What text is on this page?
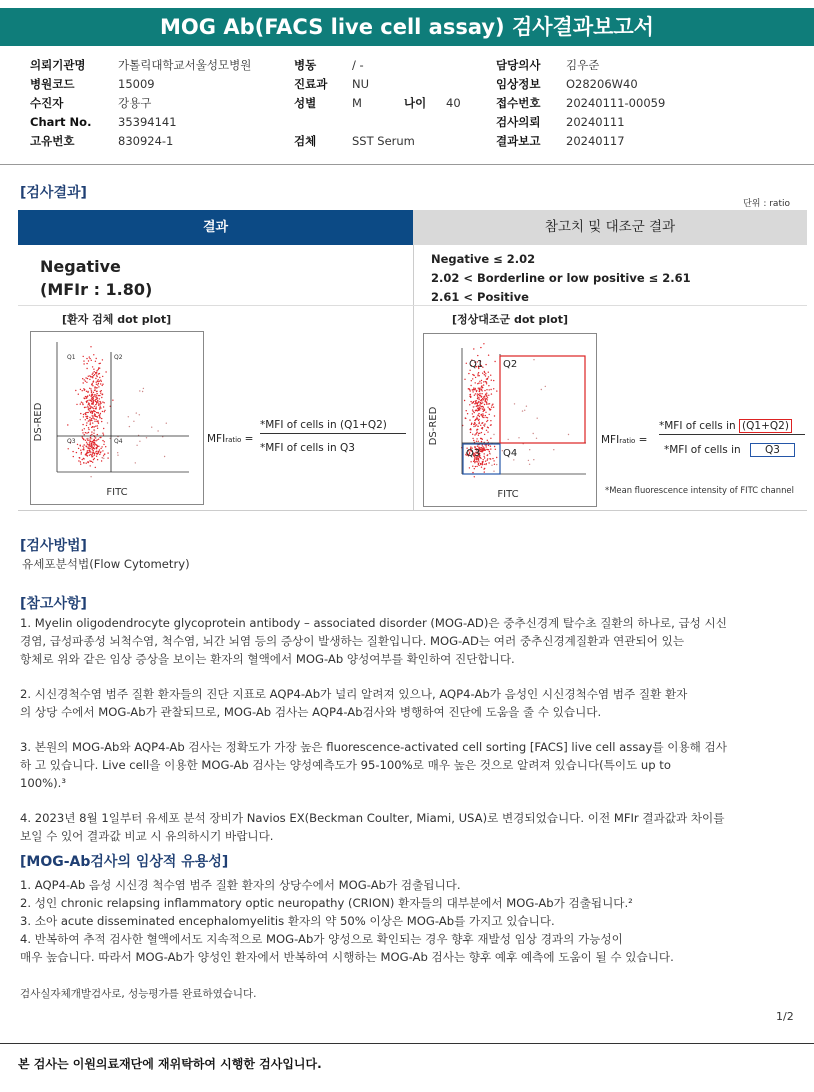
MOG Ab(FACS live cell assay) 검사결과보고서
의뢰기관명	가톨릭대학교서울성모병원
병원코드	15009
수진자	강용구
Chart No.	35394141
고유번호	830924-1
병동	/ -
진료과	NU
성별	M	나이	40
검체	SST Serum
담당의사	김우준
임상정보	O28206W40
접수번호	20240111-00059
검사의뢰	20240111
결과보고	20240117
[검사결과]
단위 : ratio
결과	참고치 및 대조군 결과
Negative
(MFIr : 1.80)
Negative ≤ 2.02
2.02 < Borderline or low positive ≤ 2.61
2.61 < Positive
[환자 검체 dot plot]
Q1	Q2
Q3	Q4
DS-RED
FITC
MFIratio =
*MFI of cells in (Q1+Q2)
*MFI of cells in Q3
[정상대조군 dot plot]
Q1 Q2
Q3 Q4
DS-RED
FITC
MFIratio =
*MFI of cells in (Q1+Q2)
*MFI of cells in Q3
*Mean fluorescence intensity of FITC channel
[검사방법]
유세포분석법(Flow Cytometry)
[참고사항]
1. Myelin oligodendrocyte glycoprotein antibody – associated disorder (MOG-AD)은 중추신경계 탈수초 질환의 하나로, 급성 시신
경염, 급성파종성 뇌척수염, 척수염, 뇌간 뇌염 등의 증상이 발생하는 질환입니다. MOG-AD는 여러 중추신경계질환과 연관되어 있는
항체로 위와 같은 임상 증상을 보이는 환자의 혈액에서 MOG-Ab 양성여부를 확인하여 진단합니다.
2. 시신경척수염 범주 질환 환자들의 진단 지표로 AQP4-Ab가 널리 알려져 있으나, AQP4-Ab가 음성인 시신경척수염 범주 질환 환자
의 상당 수에서 MOG-Ab가 관찰되므로, MOG-Ab 검사는 AQP4-Ab검사와 병행하여 진단에 도움을 줄 수 있습니다.
3. 본원의 MOG-Ab와 AQP4-Ab 검사는 정확도가 가장 높은 fluorescence-activated cell sorting [FACS] live cell assay를 이용해 검사
하 고 있습니다. Live cell을 이용한 MOG-Ab 검사는 양성예측도가 95-100%로 매우 높은 것으로 알려져 있습니다(특이도 up to
100%).³
4. 2023년 8월 1일부터 유세포 분석 장비가 Navios EX(Beckman Coulter, Miami, USA)로 변경되었습니다. 이전 MFIr 결과값과 차이를
보일 수 있어 결과값 비교 시 유의하시기 바랍니다.
[MOG-Ab검사의 임상적 유용성]
1. AQP4-Ab 음성 시신경 척수염 범주 질환 환자의 상당수에서 MOG-Ab가 검출됩니다.
2. 성인 chronic relapsing inflammatory optic neuropathy (CRION) 환자들의 대부분에서 MOG-Ab가 검출됩니다.²
3. 소아 acute disseminated encephalomyelitis 환자의 약 50% 이상은 MOG-Ab를 가지고 있습니다.
4. 반복하여 추적 검사한 혈액에서도 지속적으로 MOG-Ab가 양성으로 확인되는 경우 향후 재발성 임상 경과의 가능성이
매우 높습니다. 따라서 MOG-Ab가 양성인 환자에서 반복하여 시행하는 MOG-Ab 검사는 향후 예후 예측에 도움이 될 수 있습니다.
검사실자체개발검사로, 성능평가를 완료하였습니다.
1/2
본 검사는 이원의료재단에 재위탁하여 시행한 검사입니다.
